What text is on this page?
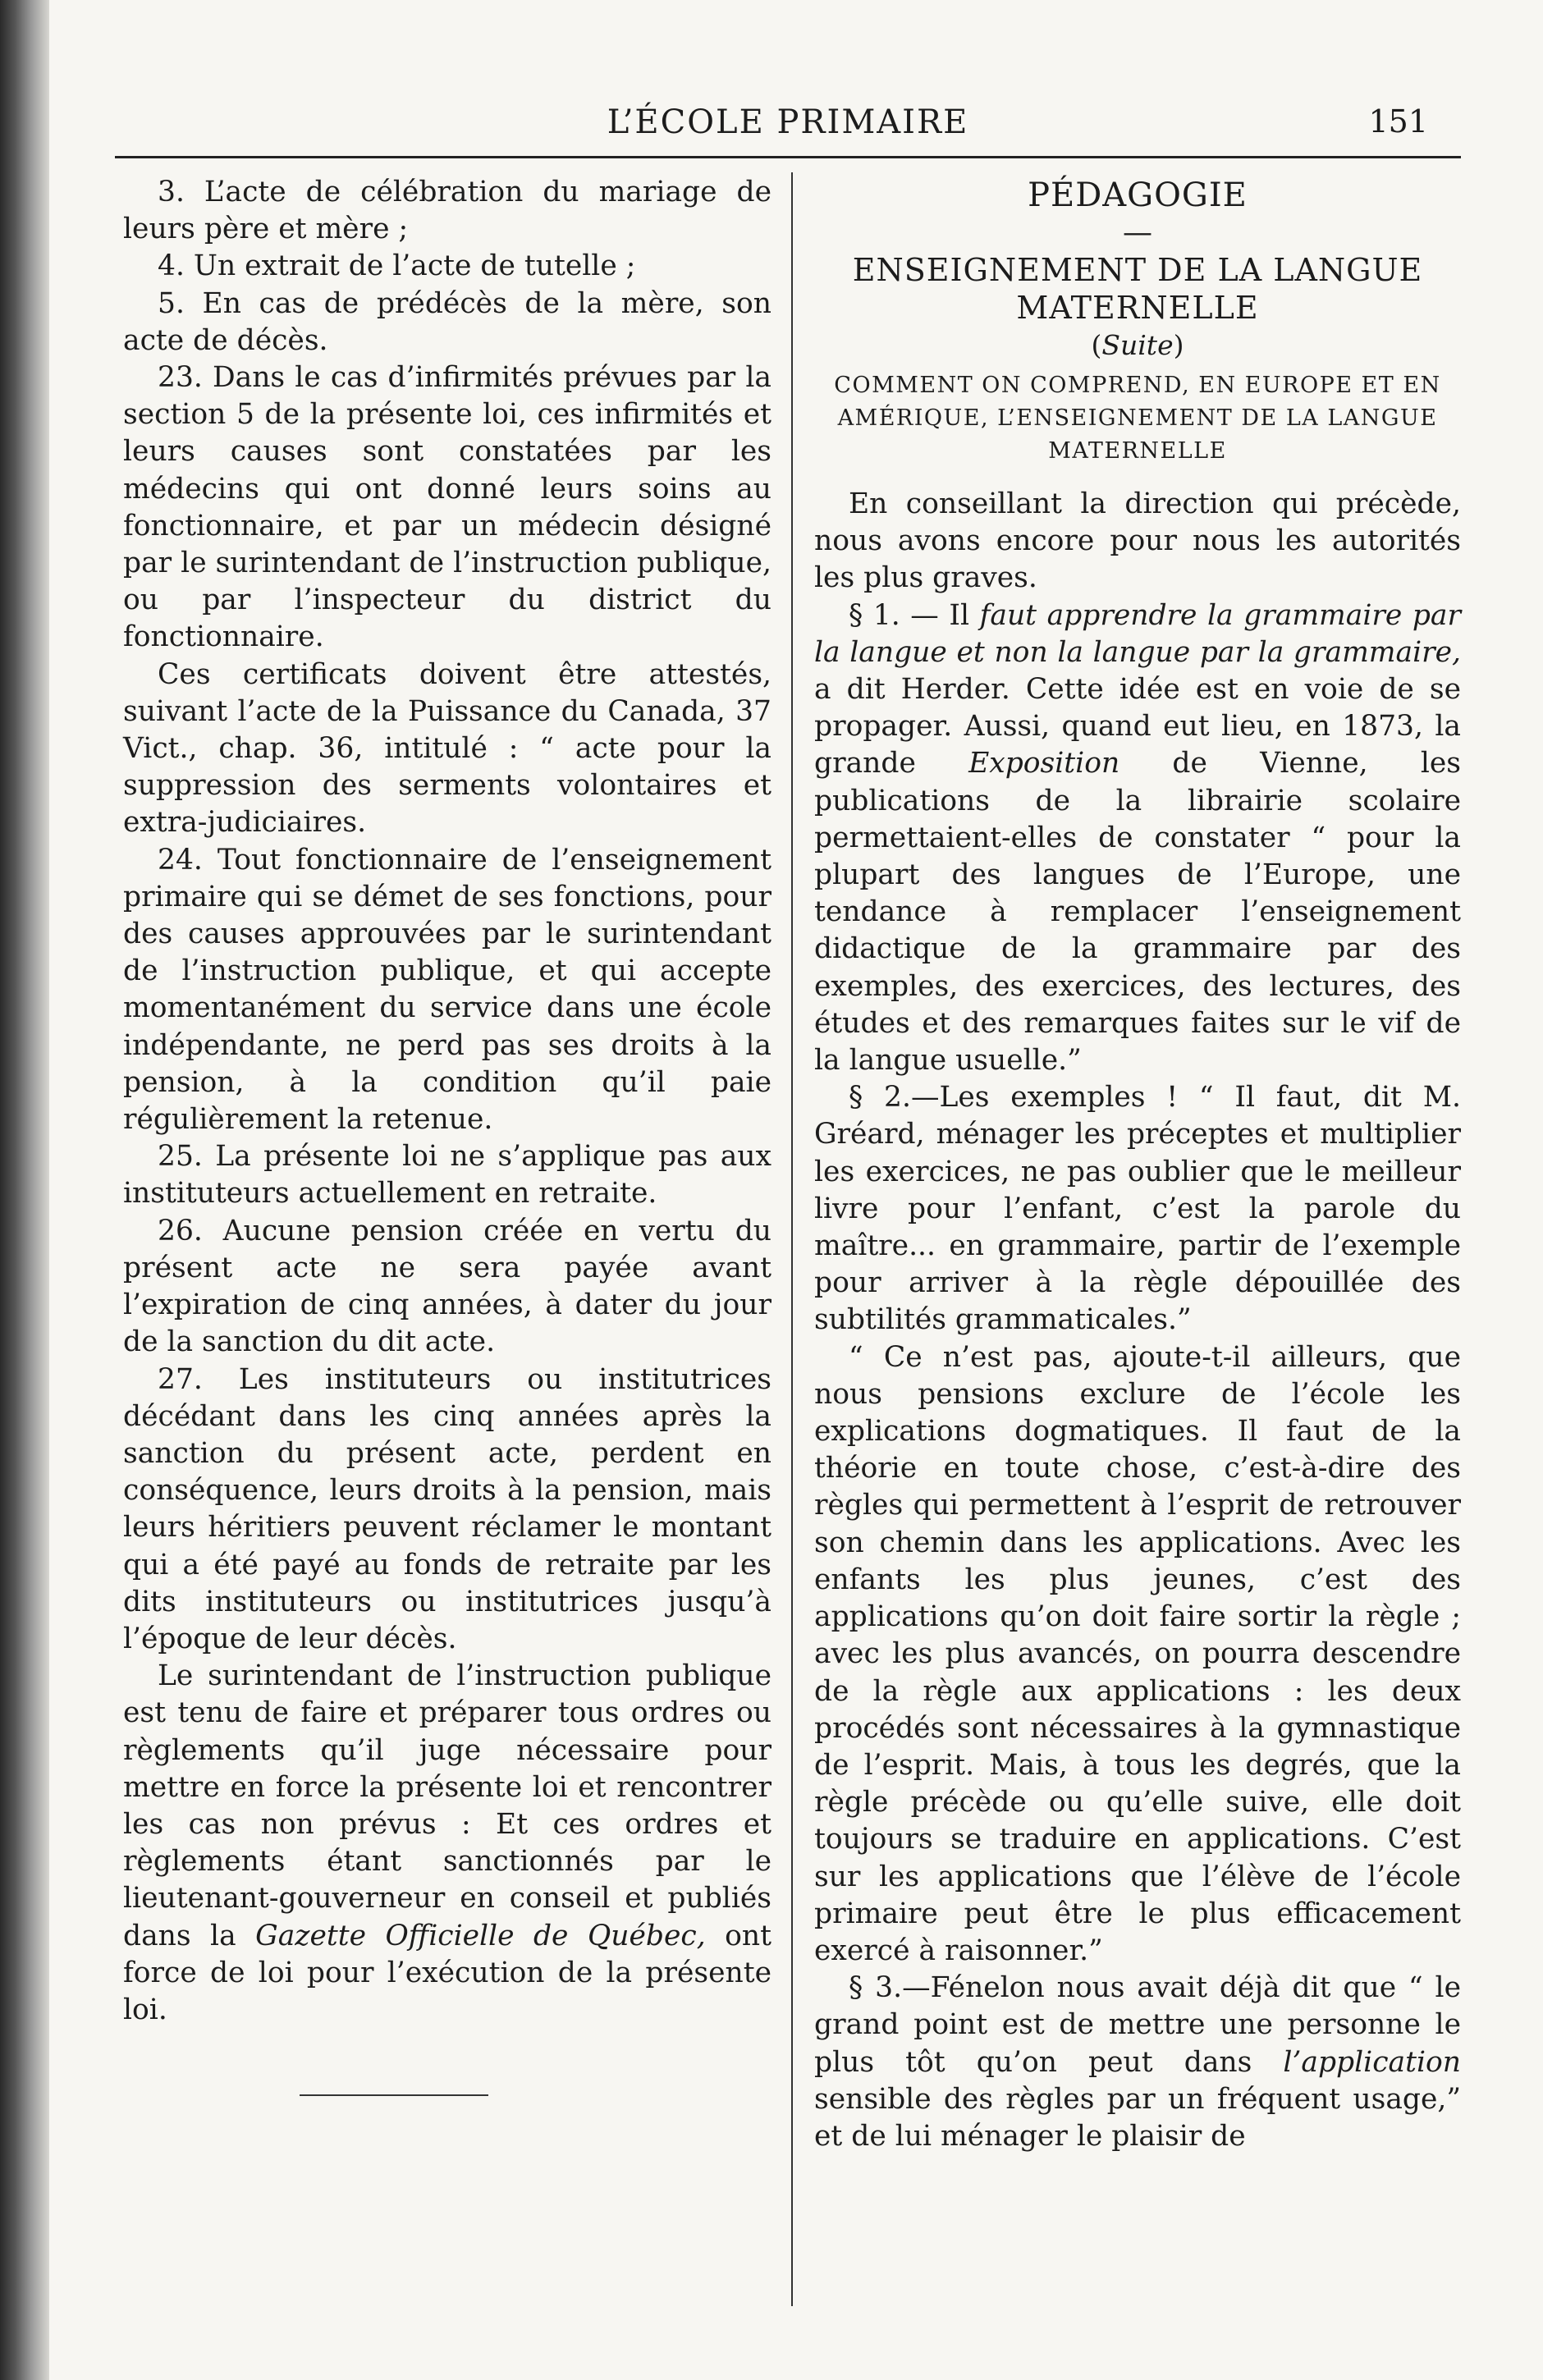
L’ÉCOLE PRIMAIRE	151

3. L’acte de célébration du mariage de leurs père et mère ;

4. Un extrait de l’acte de tutelle ;

5. En cas de prédécès de la mère, son acte de décès.

23. Dans le cas d’infirmités prévues par la section 5 de la présente loi, ces infirmités et leurs causes sont constatées par les médecins qui ont donné leurs soins au fonctionnaire, et par un médecin désigné par le surintendant de l’instruction publique, ou par l’inspecteur du district du fonctionnaire.

Ces certificats doivent être attestés, suivant l’acte de la Puissance du Canada, 37 Vict., chap. 36, intitulé : “ acte pour la suppression des serments volontaires et extra-judiciaires.

24. Tout fonctionnaire de l’enseignement primaire qui se démet de ses fonctions, pour des causes approuvées par le surintendant de l’instruction publique, et qui accepte momentanément du service dans une école indépendante, ne perd pas ses droits à la pension, à la condition qu’il paie régulièrement la retenue.

25. La présente loi ne s’applique pas aux instituteurs actuellement en retraite.

26. Aucune pension créée en vertu du présent acte ne sera payée avant l’expiration de cinq années, à dater du jour de la sanction du dit acte.

27. Les instituteurs ou institutrices décédant dans les cinq années après la sanction du présent acte, perdent en conséquence, leurs droits à la pension, mais leurs héritiers peuvent réclamer le montant qui a été payé au fonds de retraite par les dits instituteurs ou institutrices jusqu’à l’époque de leur décès.

Le surintendant de l’instruction publique est tenu de faire et préparer tous ordres ou règlements qu’il juge nécessaire pour mettre en force la présente loi et rencontrer les cas non prévus : Et ces ordres et règlements étant sanctionnés par le lieutenant-gouverneur en conseil et publiés dans la Gazette Officielle de Québec, ont force de loi pour l’exécution de la présente loi.

PÉDAGOGIE
—
ENSEIGNEMENT DE LA LANGUE
MATERNELLE
(Suite)
COMMENT ON COMPREND, EN EUROPE ET EN AMÉRIQUE, L’ENSEIGNEMENT DE LA LANGUE MATERNELLE

En conseillant la direction qui précède, nous avons encore pour nous les autorités les plus graves.

§ 1. — Il faut apprendre la grammaire par la langue et non la langue par la grammaire, a dit Herder. Cette idée est en voie de se propager. Aussi, quand eut lieu, en 1873, la grande Exposition de Vienne, les publications de la librairie scolaire permettaient-elles de constater “ pour la plupart des langues de l’Europe, une tendance à remplacer l’enseignement didactique de la grammaire par des exemples, des exercices, des lectures, des études et des remarques faites sur le vif de la langue usuelle.”

§ 2.—Les exemples ! “ Il faut, dit M. Gréard, ménager les préceptes et multiplier les exercices, ne pas oublier que le meilleur livre pour l’enfant, c’est la parole du maître... en grammaire, partir de l’exemple pour arriver à la règle dépouillée des subtilités grammaticales.”

“ Ce n’est pas, ajoute-t-il ailleurs, que nous pensions exclure de l’école les explications dogmatiques. Il faut de la théorie en toute chose, c’est-à-dire des règles qui permettent à l’esprit de retrouver son chemin dans les applications. Avec les enfants les plus jeunes, c’est des applications qu’on doit faire sortir la règle ; avec les plus avancés, on pourra descendre de la règle aux applications : les deux procédés sont nécessaires à la gymnastique de l’esprit. Mais, à tous les degrés, que la règle précède ou qu’elle suive, elle doit toujours se traduire en applications. C’est sur les applications que l’élève de l’école primaire peut être le plus efficacement exercé à raisonner.”

§ 3.—Fénelon nous avait déjà dit que “ le grand point est de mettre une personne le plus tôt qu’on peut dans l’application sensible des règles par un fréquent usage,” et de lui ménager le plaisir de
